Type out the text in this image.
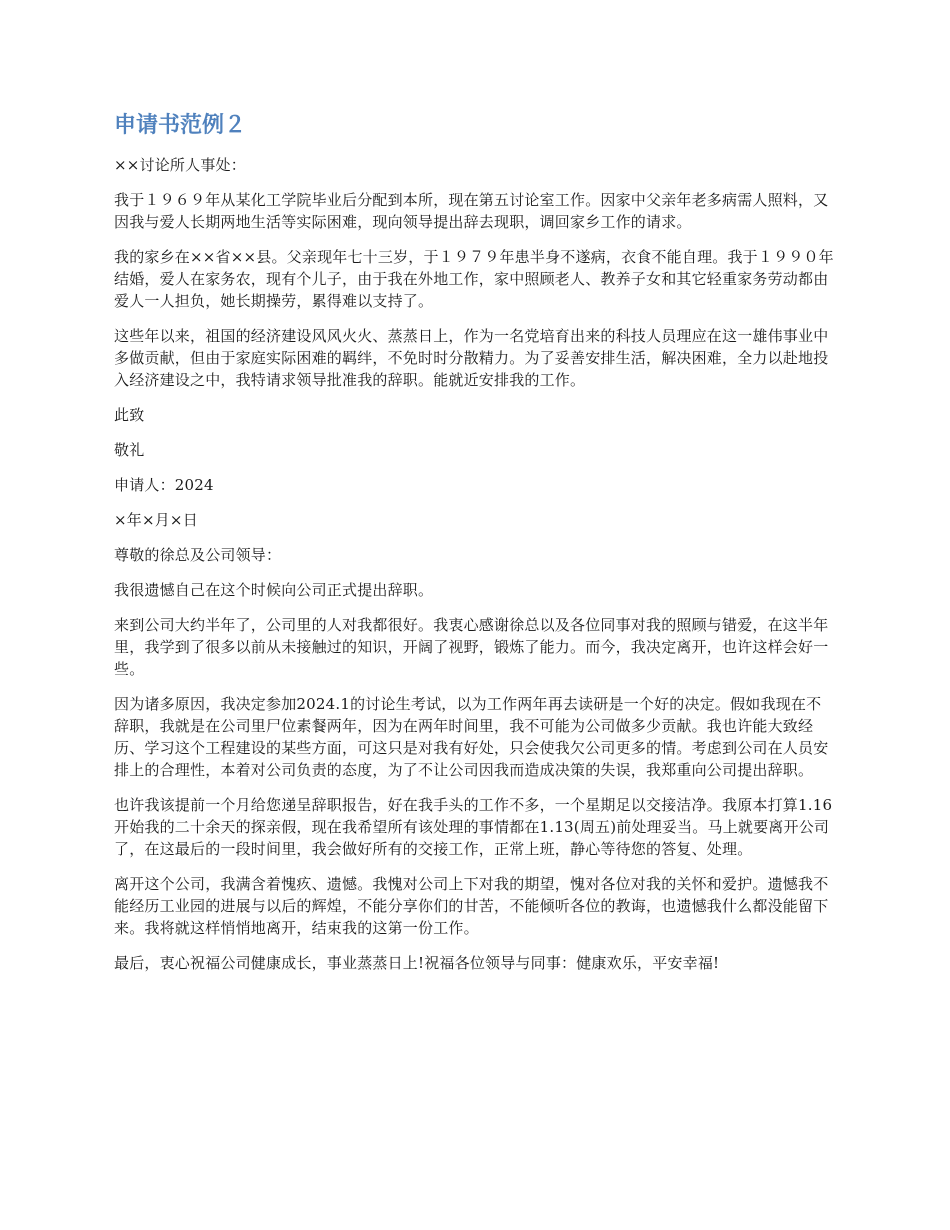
申请书范例２

××讨论所人事处：

我于１９６９年从某化工学院毕业后分配到本所，现在第五讨论室工作。因家中父亲年老多病需人照料，又因我与爱人长期两地生活等实际困难，现向领导提出辞去现职，调回家乡工作的请求。

我的家乡在××省××县。父亲现年七十三岁，于１９７９年患半身不遂病，衣食不能自理。我于１９９０年结婚，爱人在家务农，现有个儿子，由于我在外地工作，家中照顾老人、教养子女和其它轻重家务劳动都由爱人一人担负，她长期操劳，累得难以支持了。

这些年以来，祖国的经济建设风风火火、蒸蒸日上，作为一名党培育出来的科技人员理应在这一雄伟事业中多做贡献，但由于家庭实际困难的羁绊，不免时时分散精力。为了妥善安排生活，解决困难，全力以赴地投入经济建设之中，我特请求领导批准我的辞职。能就近安排我的工作。

此致

敬礼

申请人：2024

×年×月×日

尊敬的徐总及公司领导：

我很遗憾自己在这个时候向公司正式提出辞职。

来到公司大约半年了，公司里的人对我都很好。我衷心感谢徐总以及各位同事对我的照顾与错爱，在这半年里，我学到了很多以前从未接触过的知识，开阔了视野，锻炼了能力。而今，我决定离开，也许这样会好一些。

因为诸多原因，我决定参加2024.1的讨论生考试，以为工作两年再去读研是一个好的决定。假如我现在不辞职，我就是在公司里尸位素餐两年，因为在两年时间里，我不可能为公司做多少贡献。我也许能大致经历、学习这个工程建设的某些方面，可这只是对我有好处，只会使我欠公司更多的情。考虑到公司在人员安排上的合理性，本着对公司负责的态度，为了不让公司因我而造成决策的失误，我郑重向公司提出辞职。

也许我该提前一个月给您递呈辞职报告，好在我手头的工作不多，一个星期足以交接洁净。我原本打算1.16开始我的二十余天的探亲假，现在我希望所有该处理的事情都在1.13(周五)前处理妥当。马上就要离开公司了，在这最后的一段时间里，我会做好所有的交接工作，正常上班，静心等待您的答复、处理。

离开这个公司，我满含着愧疚、遗憾。我愧对公司上下对我的期望，愧对各位对我的关怀和爱护。遗憾我不能经历工业园的进展与以后的辉煌，不能分享你们的甘苦，不能倾听各位的教诲，也遗憾我什么都没能留下来。我将就这样悄悄地离开，结束我的这第一份工作。

最后，衷心祝福公司健康成长，事业蒸蒸日上!祝福各位领导与同事：健康欢乐，平安幸福!
